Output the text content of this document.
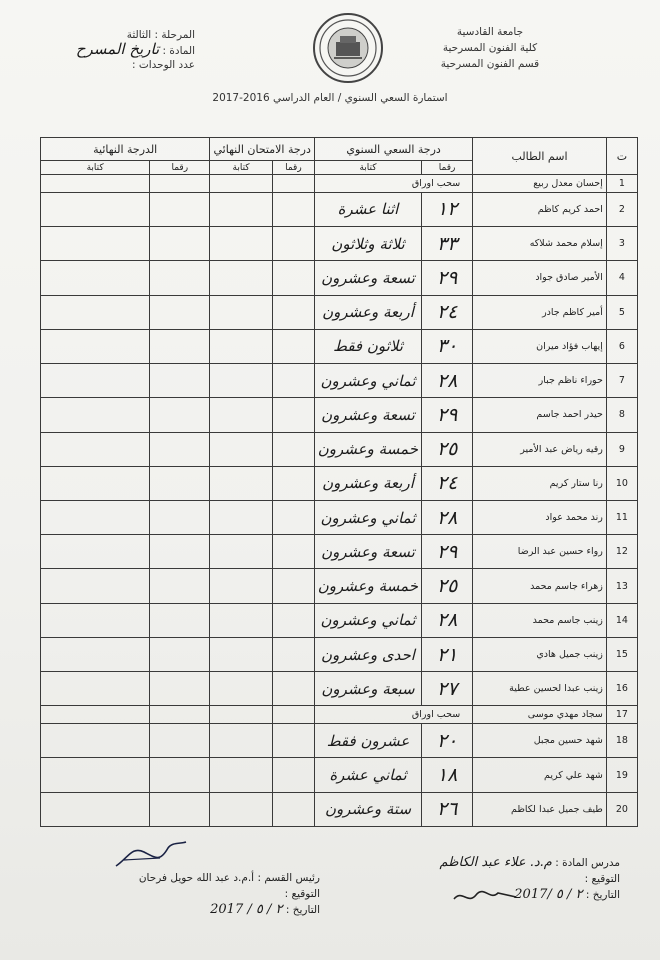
جامعة القادسية
كلية الفنون المسرحية
قسم الفنون المسرحية
المرحلة : الثالثة
المادة : تاريخ المسرح
عدد الوحدات :
استمارة السعي السنوي / العام الدراسي 2016-2017
ت	اسم الطالب	درجة السعي السنوي		درجة الامتحان النهائي		الدرجة النهائية	
		رقما	كتابة	رقما	كتابة	رقما	كتابة
1	إحسان معدل ربيع	سحب اوراق					
2	احمد كريم كاظم	١٢	اثنا عشرة				
3	إسلام محمد شلاكه	٣٣	ثلاثة وثلاثون				
4	الأمير صادق جواد	٢٩	تسعة وعشرون				
5	أمير كاظم جادر	٢٤	أربعة وعشرون				
6	إيهاب فؤاد ميران	٣٠	ثلاثون فقط				
7	حوراء ناظم جبار	٢٨	ثماني وعشرون				
8	حيدر احمد جاسم	٢٩	تسعة وعشرون				
9	رقيه رياض عبد الأمير	٢٥	خمسة وعشرون				
10	رنا ستار كريم	٢٤	أربعة وعشرون				
11	رند محمد عواد	٢٨	ثماني وعشرون				
12	رواء حسين عبد الرضا	٢٩	تسعة وعشرون				
13	زهراء جاسم محمد	٢٥	خمسة وعشرون				
14	زينب جاسم محمد	٢٨	ثماني وعشرون				
15	زينب جميل هادي	٢١	احدى وعشرون				
16	زينب عبدا لحسين عطية	٢٧	سبعة وعشرون				
17	سجاد مهدي موسى	سحب اوراق					
18	شهد حسين مجبل	٢٠	عشرون فقط				
19	شهد علي كريم	١٨	ثماني عشرة				
20	طيف جميل عبدا لكاظم	٢٦	ستة وعشرون				
مدرس المادة : م.د. علاء عبد الكاظم
التوقيع :
التاريخ : ٢ / ٥ /2017
رئيس القسم : أ.م.د عبد الله حويل فرحان
التوقيع :
التاريخ : ٢ / ٥ / 2017
